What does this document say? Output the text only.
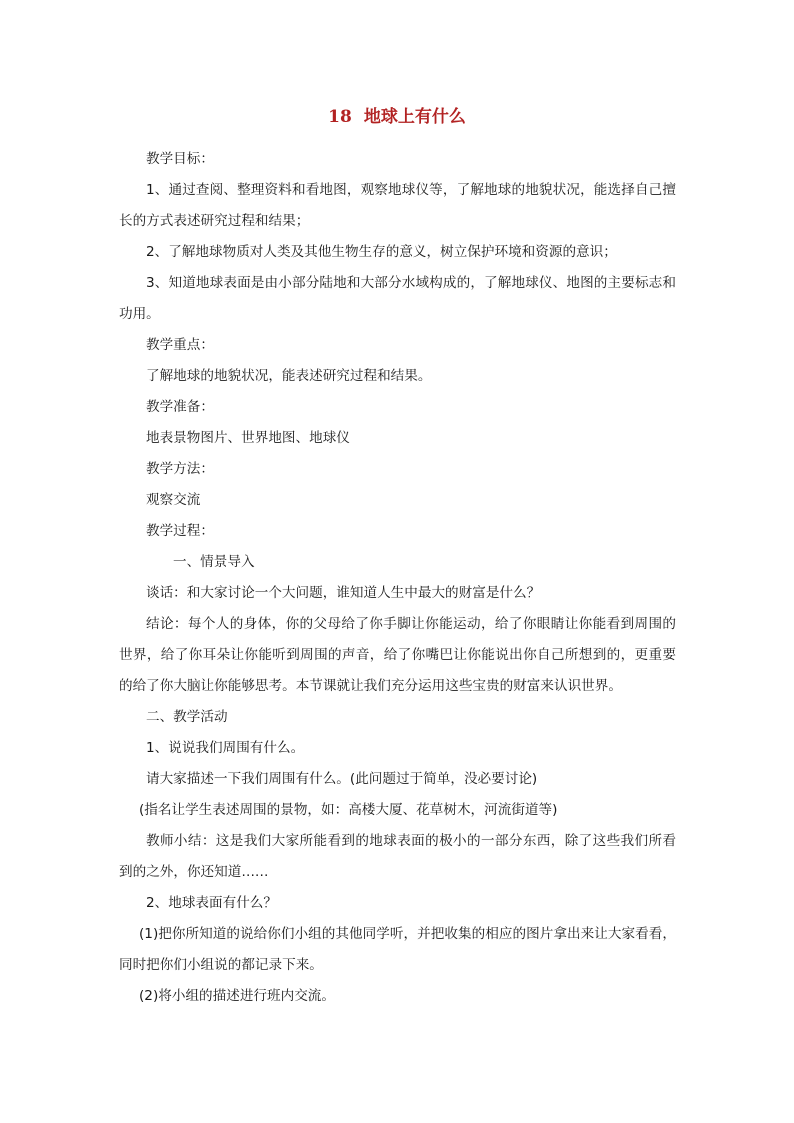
18 地球上有什么

教学目标：

1、通过查阅、整理资料和看地图，观察地球仪等，了解地球的地貌状况，能选择自己擅长的方式表述研究过程和结果；

2、了解地球物质对人类及其他生物生存的意义，树立保护环境和资源的意识；

3、知道地球表面是由小部分陆地和大部分水域构成的，了解地球仪、地图的主要标志和功用。

教学重点：

了解地球的地貌状况，能表述研究过程和结果。

教学准备：

地表景物图片、世界地图、地球仪

教学方法：

观察交流

教学过程：

一、情景导入

谈话：和大家讨论一个大问题，谁知道人生中最大的财富是什么？

结论：每个人的身体，你的父母给了你手脚让你能运动，给了你眼睛让你能看到周围的世界，给了你耳朵让你能听到周围的声音，给了你嘴巴让你能说出你自己所想到的，更重要的给了你大脑让你能够思考。本节课就让我们充分运用这些宝贵的财富来认识世界。

二、教学活动

1、说说我们周围有什么。

请大家描述一下我们周围有什么。(此问题过于简单，没必要讨论)

(指名让学生表述周围的景物，如：高楼大厦、花草树木，河流街道等)

教师小结：这是我们大家所能看到的地球表面的极小的一部分东西，除了这些我们所看到的之外，你还知道……

2、地球表面有什么？

(1)把你所知道的说给你们小组的其他同学听，并把收集的相应的图片拿出来让大家看看，同时把你们小组说的都记录下来。

(2)将小组的描述进行班内交流。
